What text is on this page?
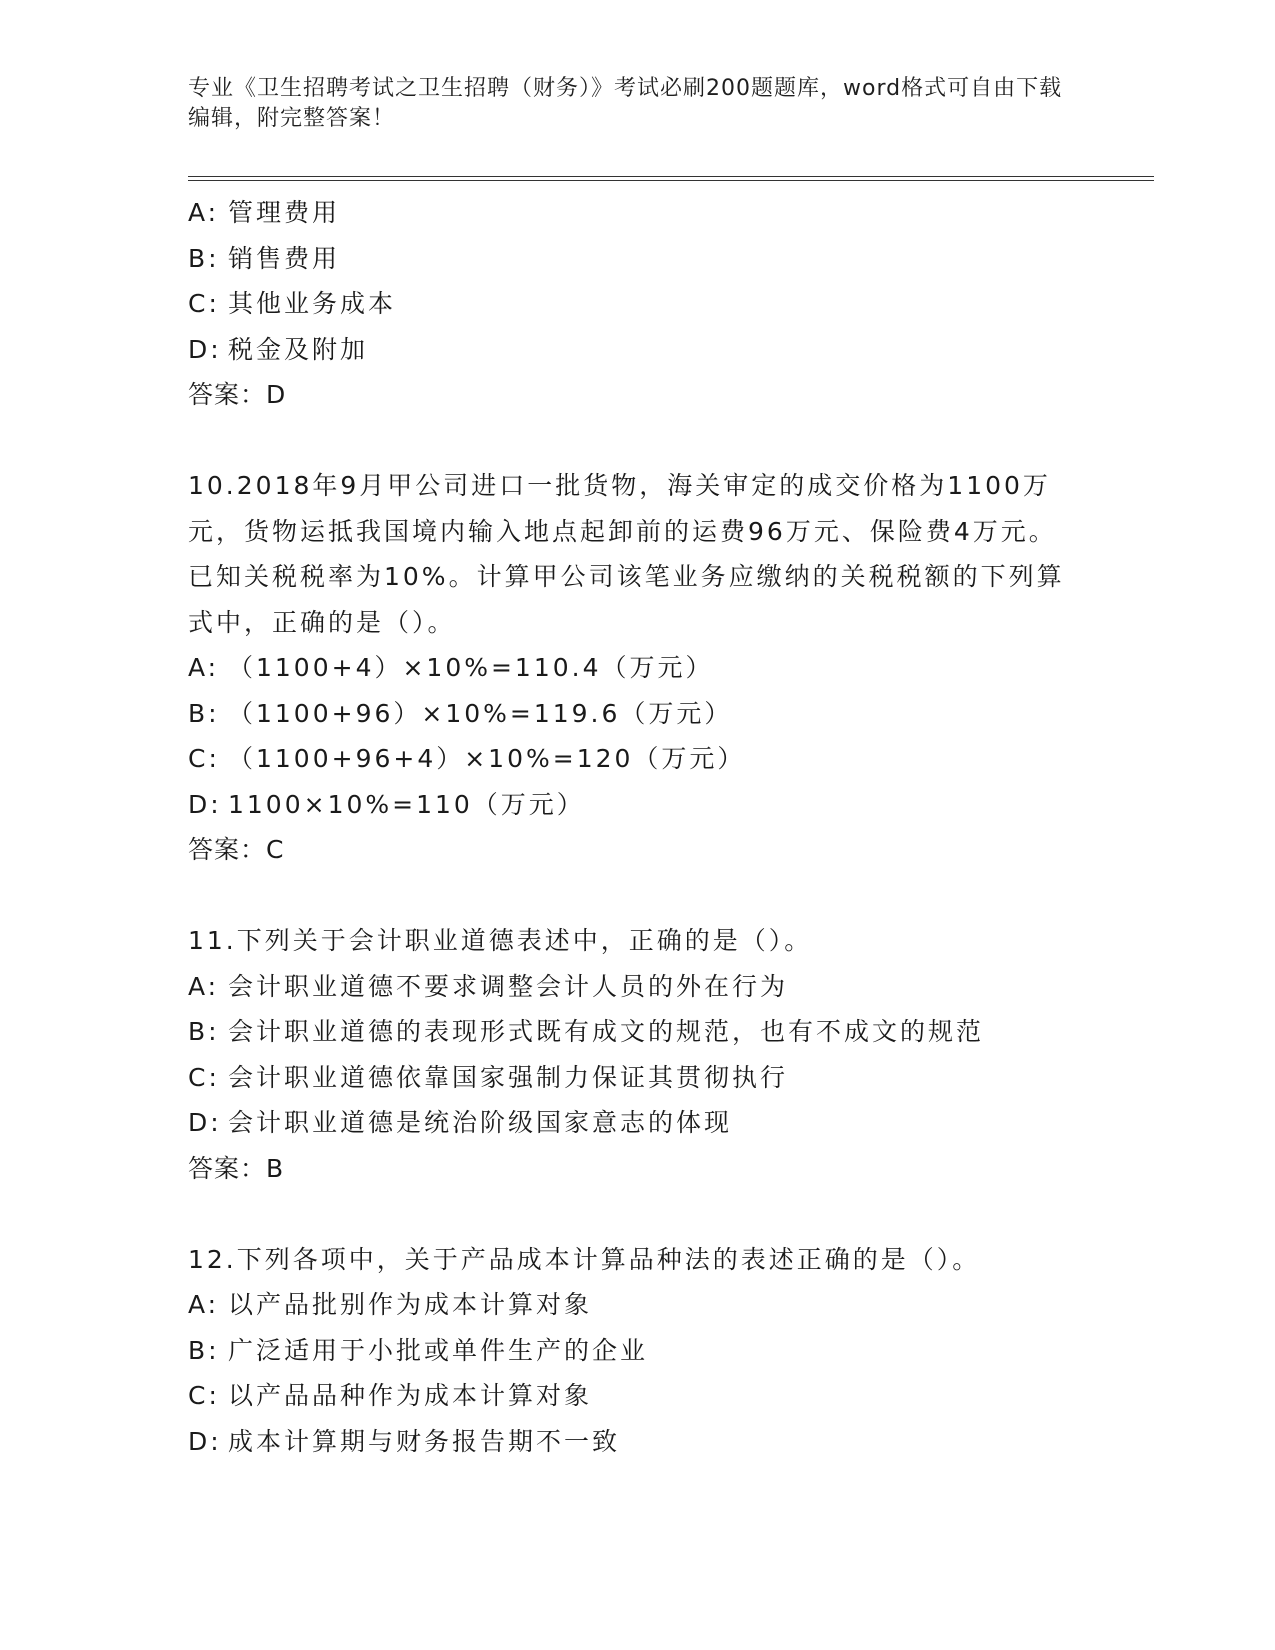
专业《卫生招聘考试之卫生招聘（财务）》考试必刷200题题库，word格式可自由下载编辑，附完整答案！
A: 管理费用
B: 销售费用
C: 其他业务成本
D: 税金及附加
答案：D
10.2018年9月甲公司进口一批货物，海关审定的成交价格为1100万元，货物运抵我国境内输入地点起卸前的运费96万元、保险费4万元。已知关税税率为10%。计算甲公司该笔业务应缴纳的关税税额的下列算式中，正确的是（）。
A: （1100+4）×10%=110.4（万元）
B: （1100+96）×10%=119.6（万元）
C: （1100+96+4）×10%=120（万元）
D: 1100×10%=110（万元）
答案：C
11.下列关于会计职业道德表述中，正确的是（）。
A: 会计职业道德不要求调整会计人员的外在行为
B: 会计职业道德的表现形式既有成文的规范，也有不成文的规范
C: 会计职业道德依靠国家强制力保证其贯彻执行
D: 会计职业道德是统治阶级国家意志的体现
答案：B
12.下列各项中，关于产品成本计算品种法的表述正确的是（）。
A: 以产品批别作为成本计算对象
B: 广泛适用于小批或单件生产的企业
C: 以产品品种作为成本计算对象
D: 成本计算期与财务报告期不一致
